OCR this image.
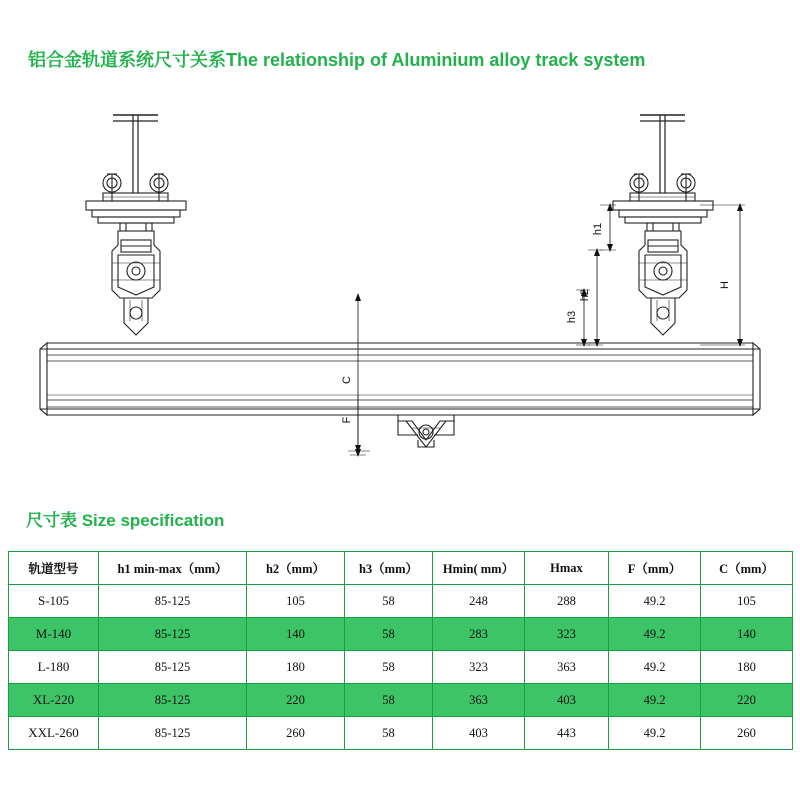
铝合金轨道系统尺寸关系The relationship of Aluminium alloy track system
H
h1
h2
h3
C
F
尺寸表 Size specification
轨道型号	h1 min-max（mm）	h2（mm）	h3（mm）	Hmin( mm）	Hmax	F（mm）	C（mm）
S-105	85-125	105	58	248	288	49.2	105
M-140	85-125	140	58	283	323	49.2	140
L-180	85-125	180	58	323	363	49.2	180
XL-220	85-125	220	58	363	403	49.2	220
XXL-260	85-125	260	58	403	443	49.2	260
